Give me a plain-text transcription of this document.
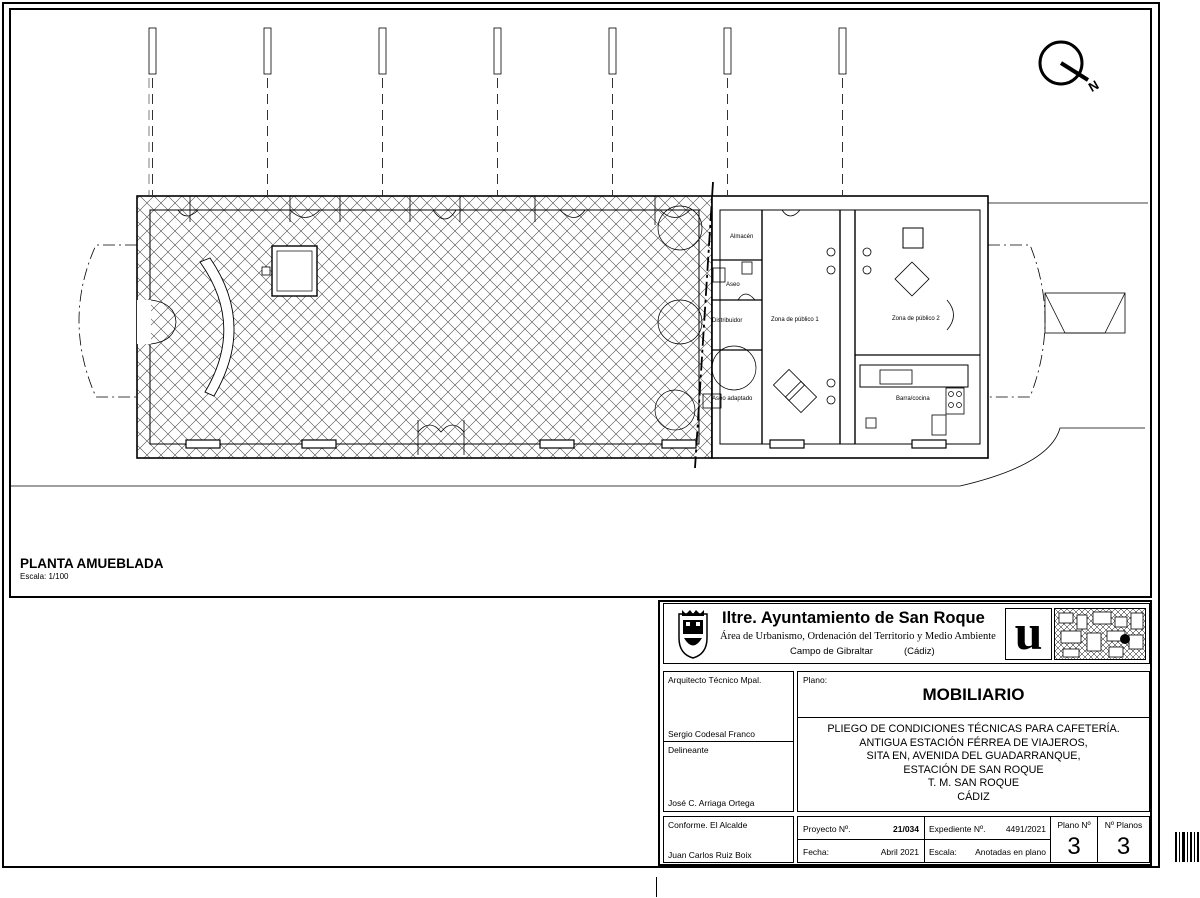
N
Almacén
Aseo
Distribuidor	Zona de público 1	Zona de público 2
Aseo adaptado	Barra/cocina
PLANTA AMUEBLADA
Escala: 1/100
Iltre. Ayuntamiento de San Roque
Área de Urbanismo, Ordenación del Territorio y Medio Ambiente
Campo de Gibraltar	(Cádiz) u
Arquitecto Técnico Mpal.
Sergio Codesal Franco
Delineante
José C. Arriaga Ortega
Conforme. El Alcalde
Juan Carlos Ruiz Boix
Plano:
MOBILIARIO
PLIEGO DE CONDICIONES TÉCNICAS PARA CAFETERÍA.
ANTIGUA ESTACIÓN FÉRREA DE VIAJEROS,
SITA EN, AVENIDA DEL GUADARRANQUE,
ESTACIÓN DE SAN ROQUE
T. M. SAN ROQUE
CÁDIZ
Proyecto Nº.	21/034 Expediente Nº. 4491/2021
Fecha:	Abril 2021 Escala: Anotadas en plano
Plano Nº
3
Nº Planos
3
